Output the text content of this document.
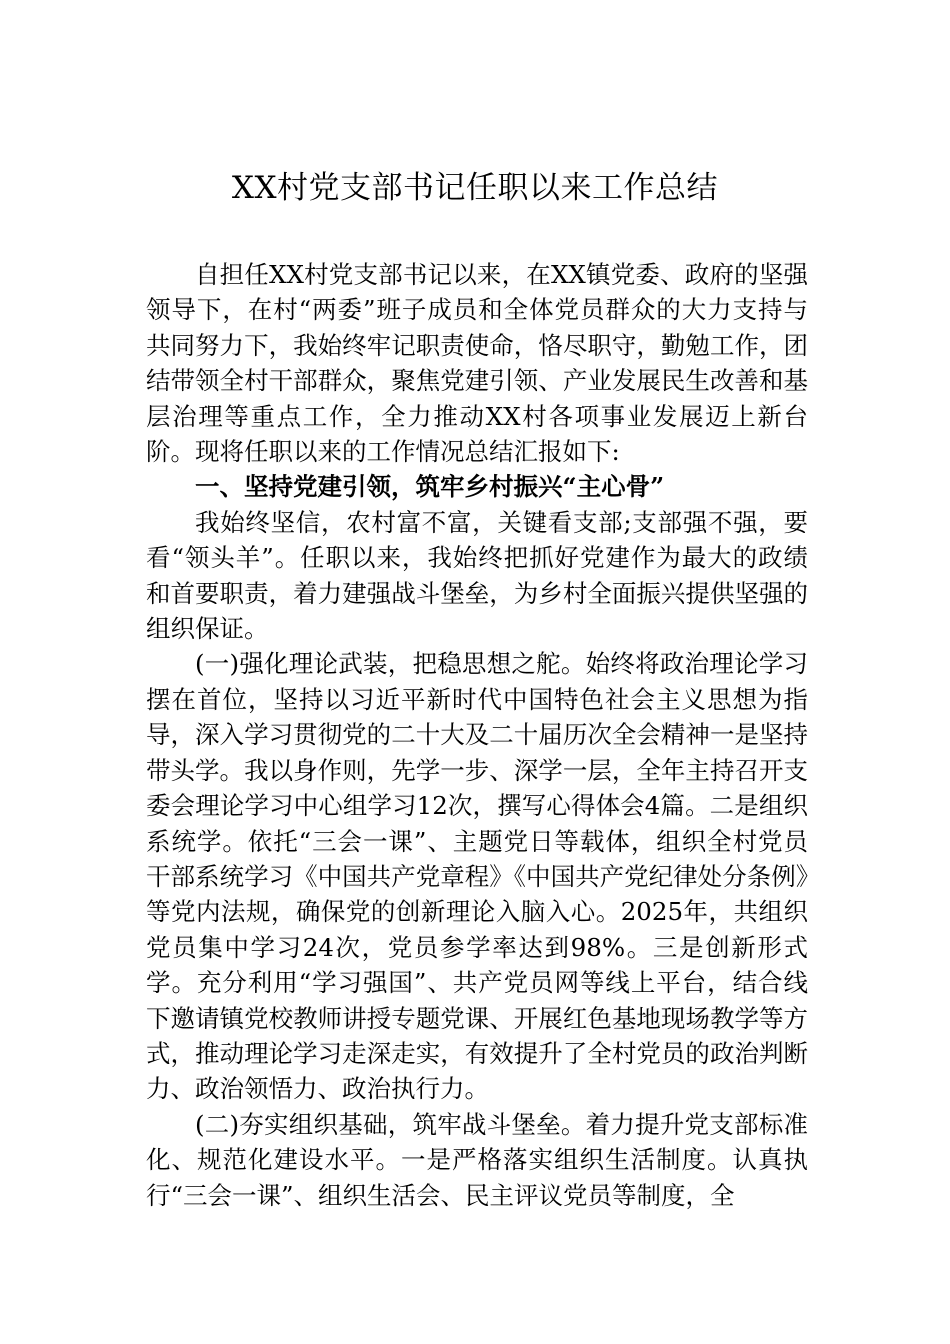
XX村党支部书记任职以来工作总结

自担任XX村党支部书记以来，在XX镇党委、政府的坚强领导下，在村“两委”班子成员和全体党员群众的大力支持与共同努力下，我始终牢记职责使命，恪尽职守，勤勉工作，团结带领全村干部群众，聚焦党建引领、产业发展民生改善和基层治理等重点工作，全力推动XX村各项事业发展迈上新台阶。现将任职以来的工作情况总结汇报如下:

一、坚持党建引领，筑牢乡村振兴“主心骨”

我始终坚信，农村富不富，关键看支部;支部强不强，要看“领头羊”。任职以来，我始终把抓好党建作为最大的政绩和首要职责，着力建强战斗堡垒，为乡村全面振兴提供坚强的组织保证。

(一)强化理论武装，把稳思想之舵。始终将政治理论学习摆在首位，坚持以习近平新时代中国特色社会主义思想为指导，深入学习贯彻党的二十大及二十届历次全会精神一是坚持带头学。我以身作则，先学一步、深学一层，全年主持召开支委会理论学习中心组学习12次，撰写心得体会4篇。二是组织系统学。依托“三会一课”、主题党日等载体，组织全村党员干部系统学习《中国共产党章程》《中国共产党纪律处分条例》等党内法规，确保党的创新理论入脑入心。2025年，共组织党员集中学习24次，党员参学率达到98%。三是创新形式学。充分利用“学习强国”、共产党员网等线上平台，结合线下邀请镇党校教师讲授专题党课、开展红色基地现场教学等方式，推动理论学习走深走实，有效提升了全村党员的政治判断力、政治领悟力、政治执行力。

(二)夯实组织基础，筑牢战斗堡垒。着力提升党支部标准化、规范化建设水平。一是严格落实组织生活制度。认真执行“三会一课”、组织生活会、民主评议党员等制度，全
